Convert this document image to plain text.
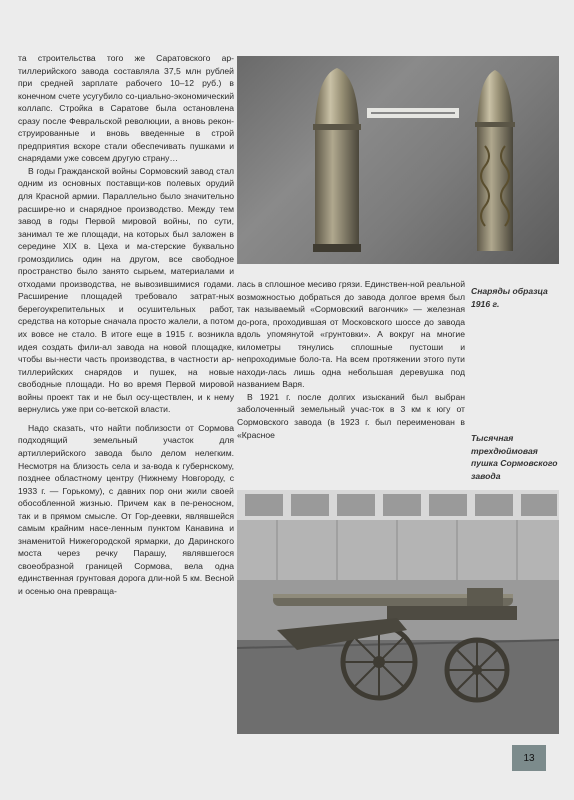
та строительства того же Саратовского ар-тиллерийского завода составляла 37,5 млн рублей при средней зарплате рабочего 10–12 руб.) в конечном счете усугубило со-циально-экономический коллапс. Стройка в Саратове была остановлена сразу после Февральской революции, а вновь рекон-струированные и вновь введенные в строй предприятия вскоре стали обеспечивать пушками и снарядами уже совсем другую страну…

В годы Гражданской войны Сормовский завод стал одним из основных поставщи-ков полевых орудий для Красной армии. Параллельно было значительно расшире-но и снарядное производство. Между тем завод в годы Первой мировой войны, по сути, занимал те же площади, на которых был заложен в середине XIX в. Цеха и ма-стерские буквально громоздились один на другом, все свободное пространство было занято сырьем, материалами и отходами производства, не вывозившимися годами. Расширение площадей требовало затрат-ных берегоукрепительных и осушительных работ, средства на которые сначала просто жалели, а потом их вовсе не стало. В итоге еще в 1915 г. возникла идея создать фили-ал завода на новой площадке, чтобы вы-нести часть производства, в частности ар-тиллерийских снарядов и пушек, на новые свободные площади. Но во время Первой мировой войны проект так и не был осу-ществлен, и к нему вернулись уже при со-ветской власти.

Надо сказать, что найти поблизости от Сормова подходящий земельный участок для артиллерийского завода было делом нелегким. Несмотря на близость села и за-вода к губернскому, позднее областному центру (Нижнему Новгороду, с 1933 г. — Горькому), с давних пор они жили своей обособленной жизнью. Причем как в пе-реносном, так и в прямом смысле. От Гор-деевки, являвшейся самым крайним насе-ленным пунктом Канавина и знаменитой Нижегородской ярмарки, до Даринского моста через речку Парашу, являвшегося своеобразной границей Сормова, вела одна единственная грунтовая дорога дли-ной 5 км. Весной и осенью она превраща-

лась в сплошное месиво грязи. Единствен-ной реальной возможностью добраться до завода долгое время был так называемый «Сормовский вагончик» — железная до-рога, проходившая от Московского шоссе до завода вдоль упомянутой «грунтовки». А вокруг на многие километры тянулись сплошные пустоши и непроходимые боло-та. На всем протяжении этого пути находи-лась лишь одна небольшая деревушка под названием Варя.

В 1921 г. после долгих изысканий был выбран заболоченный земельный учас-ток в 3 км к югу от Сормовского завода (в 1923 г. был переименован в «Красное

Снаряды образца 1916 г.
Тысячная трехдюймовая пушка Сормовского завода
13
